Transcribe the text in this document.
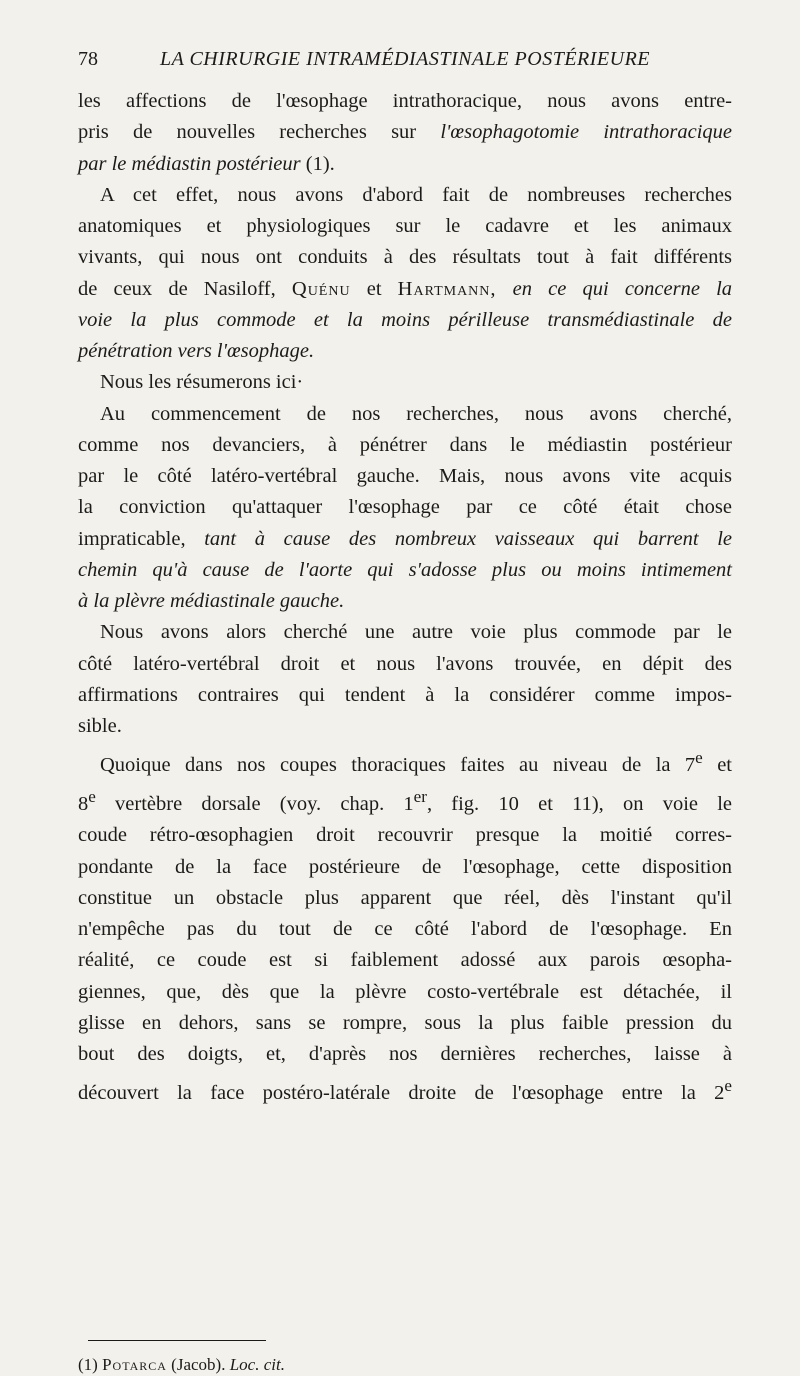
78	LA CHIRURGIE INTRAMÉDIASTINALE POSTÉRIEURE
les affections de l'œsophage intrathoracique, nous avons entre-
pris de nouvelles recherches sur l'œsophagotomie intrathoracique
par le médiastin postérieur (1).
A cet effet, nous avons d'abord fait de nombreuses recherches
anatomiques et physiologiques sur le cadavre et les animaux
vivants, qui nous ont conduits à des résultats tout à fait différents
de ceux de Nasiloff, Quénu et Hartmann, en ce qui concerne la
voie la plus commode et la moins périlleuse transmédiastinale de
pénétration vers l'œsophage.
Nous les résumerons ici·
Au commencement de nos recherches, nous avons cherché,
comme nos devanciers, à pénétrer dans le médiastin postérieur
par le côté latéro-vertébral gauche. Mais, nous avons vite acquis
la conviction qu'attaquer l'œsophage par ce côté était chose
impraticable, tant à cause des nombreux vaisseaux qui barrent le
chemin qu'à cause de l'aorte qui s'adosse plus ou moins intimement
à la plèvre médiastinale gauche.
Nous avons alors cherché une autre voie plus commode par le
côté latéro-vertébral droit et nous l'avons trouvée, en dépit des
affirmations contraires qui tendent à la considérer comme impos-
sible.
Quoique dans nos coupes thoraciques faites au niveau de la 7e et
8e vertèbre dorsale (voy. chap. 1er, fig. 10 et 11), on voie le
coude rétro-œsophagien droit recouvrir presque la moitié corres-
pondante de la face postérieure de l'œsophage, cette disposition
constitue un obstacle plus apparent que réel, dès l'instant qu'il
n'empêche pas du tout de ce côté l'abord de l'œsophage. En
réalité, ce coude est si faiblement adossé aux parois œsopha-
giennes, que, dès que la plèvre costo-vertébrale est détachée, il
glisse en dehors, sans se rompre, sous la plus faible pression du
bout des doigts, et, d'après nos dernières recherches, laisse à
découvert la face postéro-latérale droite de l'œsophage entre la 2e
(1) Potarca (Jacob). Loc. cit.
